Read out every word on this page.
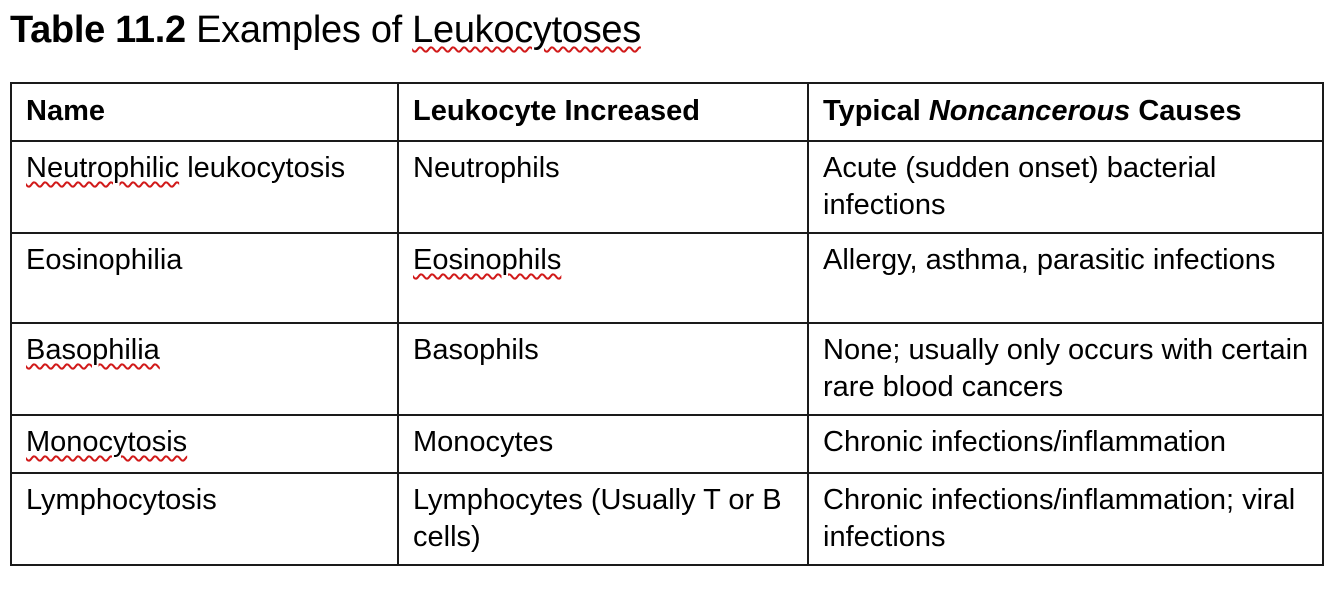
Table 11.2 Examples of Leukocytoses
Name	Leukocyte Increased	Typical Noncancerous Causes
Neutrophilic leukocytosis	Neutrophils	Acute (sudden onset) bacterial infections
Eosinophilia	Eosinophils	Allergy, asthma, parasitic infections
Basophilia	Basophils	None; usually only occurs with certain rare blood cancers
Monocytosis	Monocytes	Chronic infections/inflammation
Lymphocytosis	Lymphocytes (Usually T or B cells)	Chronic infections/inflammation; viral infections
